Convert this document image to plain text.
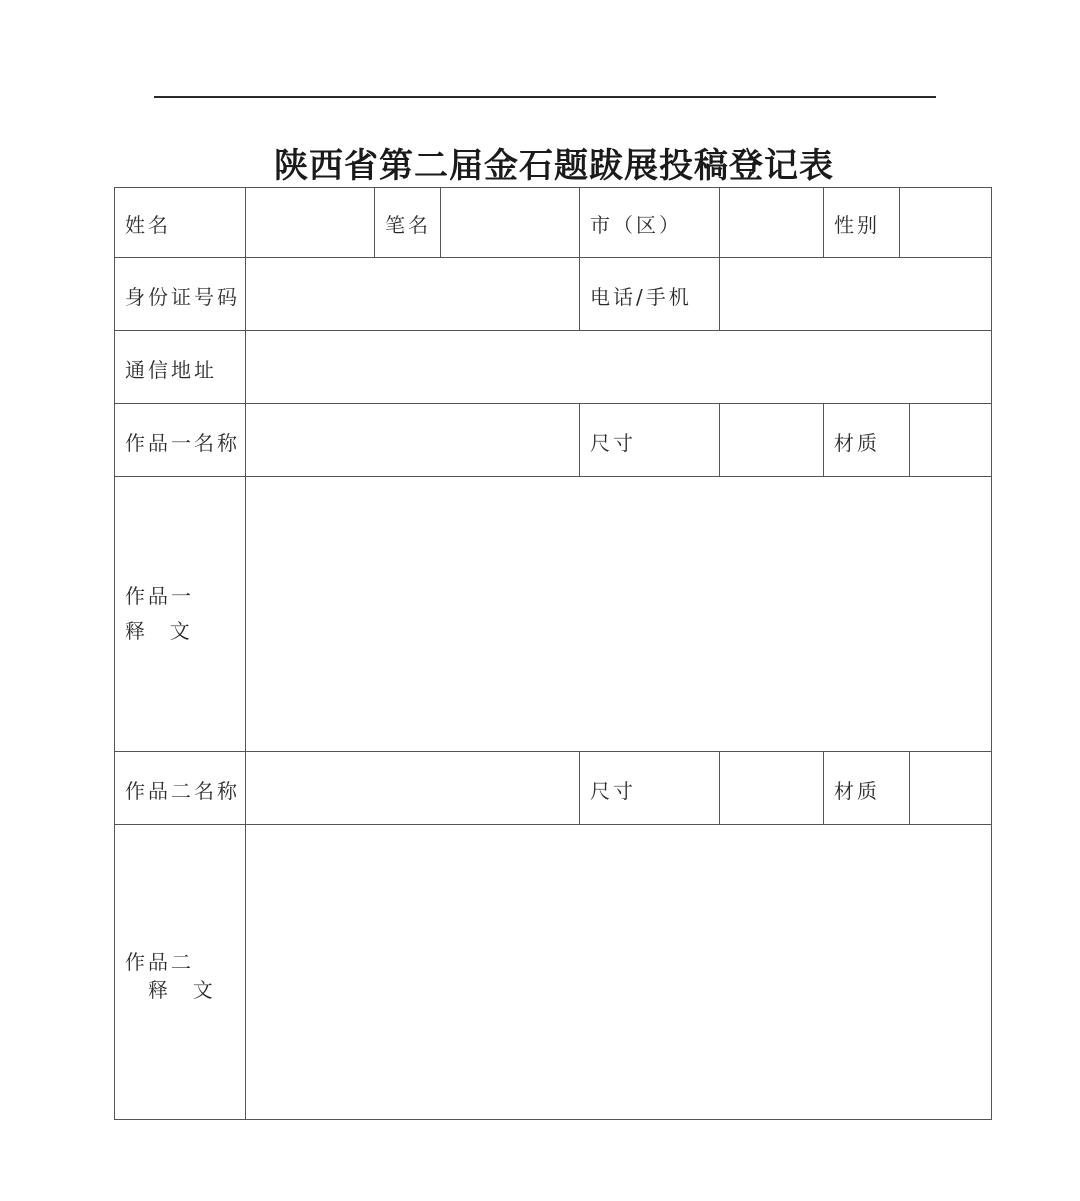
陕西省第二届金石题跋展投稿登记表
姓名	笔名	市（区）	性别
身份证号码	电话/手机
通信地址
作品一名称	尺寸	材质
作品一
释  文
作品二名称	尺寸	材质
作品二
释  文
